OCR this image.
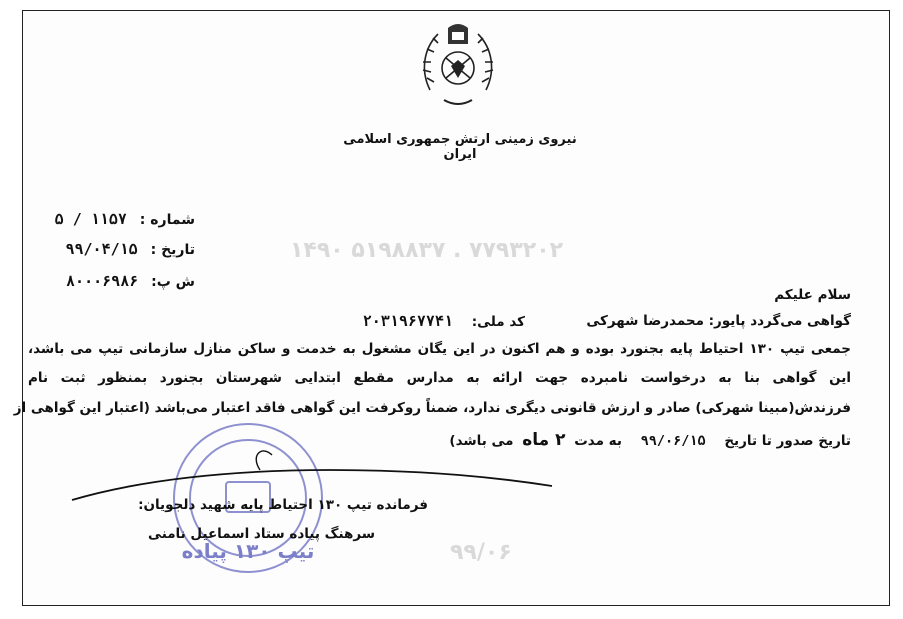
۷۷۹۳۲۰۲ . ۵۱۹۸۸۳۷ ۱۴۹۰
۹۹/۰۶
نیروی زمینی ارتش جمهوری اسلامی ایران
شماره : ۱۱۵۷ / ۵
تاریخ : ۹۹/۰۴/۱۵
ش پ: ۸۰۰۰۶۹۸۶
سلام علیکم
گواهی می‌گردد پایور: محمدرضا شهرکی
کد ملی: ۲۰۳۱۹۶۷۷۴۱
جمعی تیپ ۱۳۰ احتیاط پایه بجنورد بوده و هم اکنون در این یگان مشغول به خدمت و ساکن منازل سازمانی تیپ می باشد،
این گواهی بنا به درخواست نامبرده جهت ارائه به مدارس مقطع ابتدایی شهرستان بجنورد بمنظور ثبت نام
فرزندش(مبینا شهرکی) صادر و ارزش قانونی دیگری ندارد، ضمناً روکرفت این گواهی فاقد اعتبار می‌باشد (اعتبار این گواهی از
تاریخ صدور تا تاریخ ۹۹/۰۶/۱۵ به مدت ۲ ماه می باشد)
تیپ ۱۳۰ پیاده
فرمانده تیپ ۱۳۰ احتیاط پایه شهید دلجویان:
سرهنگ پیاده ستاد اسماعیل نامنی
